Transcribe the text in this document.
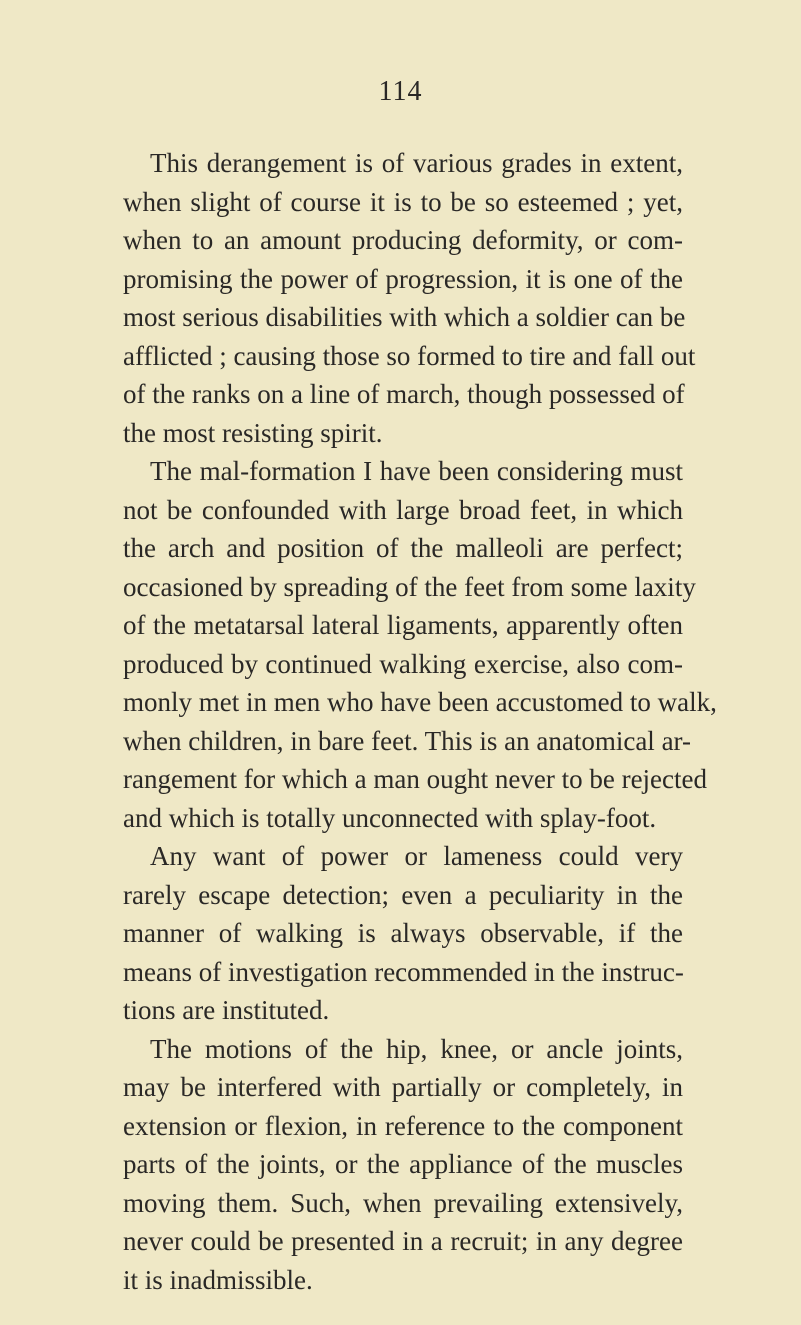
114
This derangement is of various grades in extent,
when slight of course it is to be so esteemed ; yet,
when to an amount producing deformity, or com-
promising the power of progression, it is one of the
most serious disabilities with which a soldier can be
afflicted ; causing those so formed to tire and fall out
of the ranks on a line of march, though possessed of
the most resisting spirit.
The mal-formation I have been considering must
not be confounded with large broad feet, in which
the arch and position of the malleoli are perfect;
occasioned by spreading of the feet from some laxity
of the metatarsal lateral ligaments, apparently often
produced by continued walking exercise, also com-
monly met in men who have been accustomed to walk,
when children, in bare feet. This is an anatomical ar-
rangement for which a man ought never to be rejected
and which is totally unconnected with splay-foot.
Any want of power or lameness could very
rarely escape detection; even a peculiarity in the
manner of walking is always observable, if the
means of investigation recommended in the instruc-
tions are instituted.
The motions of the hip, knee, or ancle joints,
may be interfered with partially or completely, in
extension or flexion, in reference to the component
parts of the joints, or the appliance of the muscles
moving them. Such, when prevailing extensively,
never could be presented in a recruit; in any degree
it is inadmissible.
